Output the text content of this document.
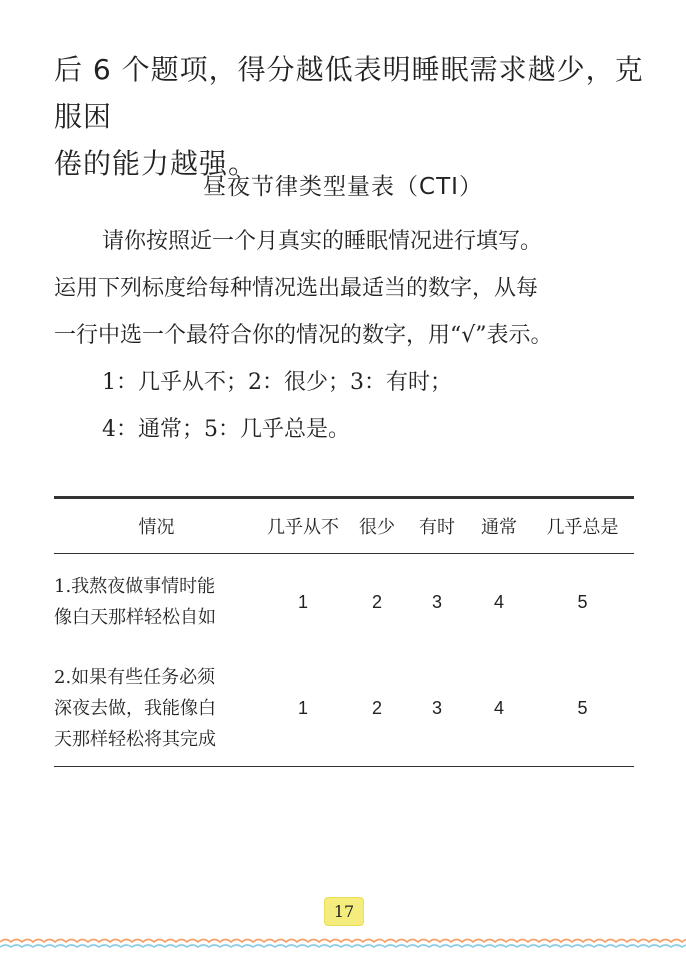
后 6 个题项，得分越低表明睡眠需求越少，克服困

倦的能力越强。

昼夜节律类型量表（CTI）

请你按照近一个月真实的睡眠情况进行填写。

运用下列标度给每种情况选出最适当的数字，从每

一行中选一个最符合你的情况的数字，用“√”表示。

1：几乎从不；2：很少；3：有时；

4：通常；5：几乎总是。

情况	几乎从不	很少	有时	通常	几乎总是

1.我熬夜做事情时能
像白天那样轻松自如	1	2	3	4	5

2.如果有些任务必须
深夜去做，我能像白
天那样轻松将其完成	1	2	3	4	5
17
